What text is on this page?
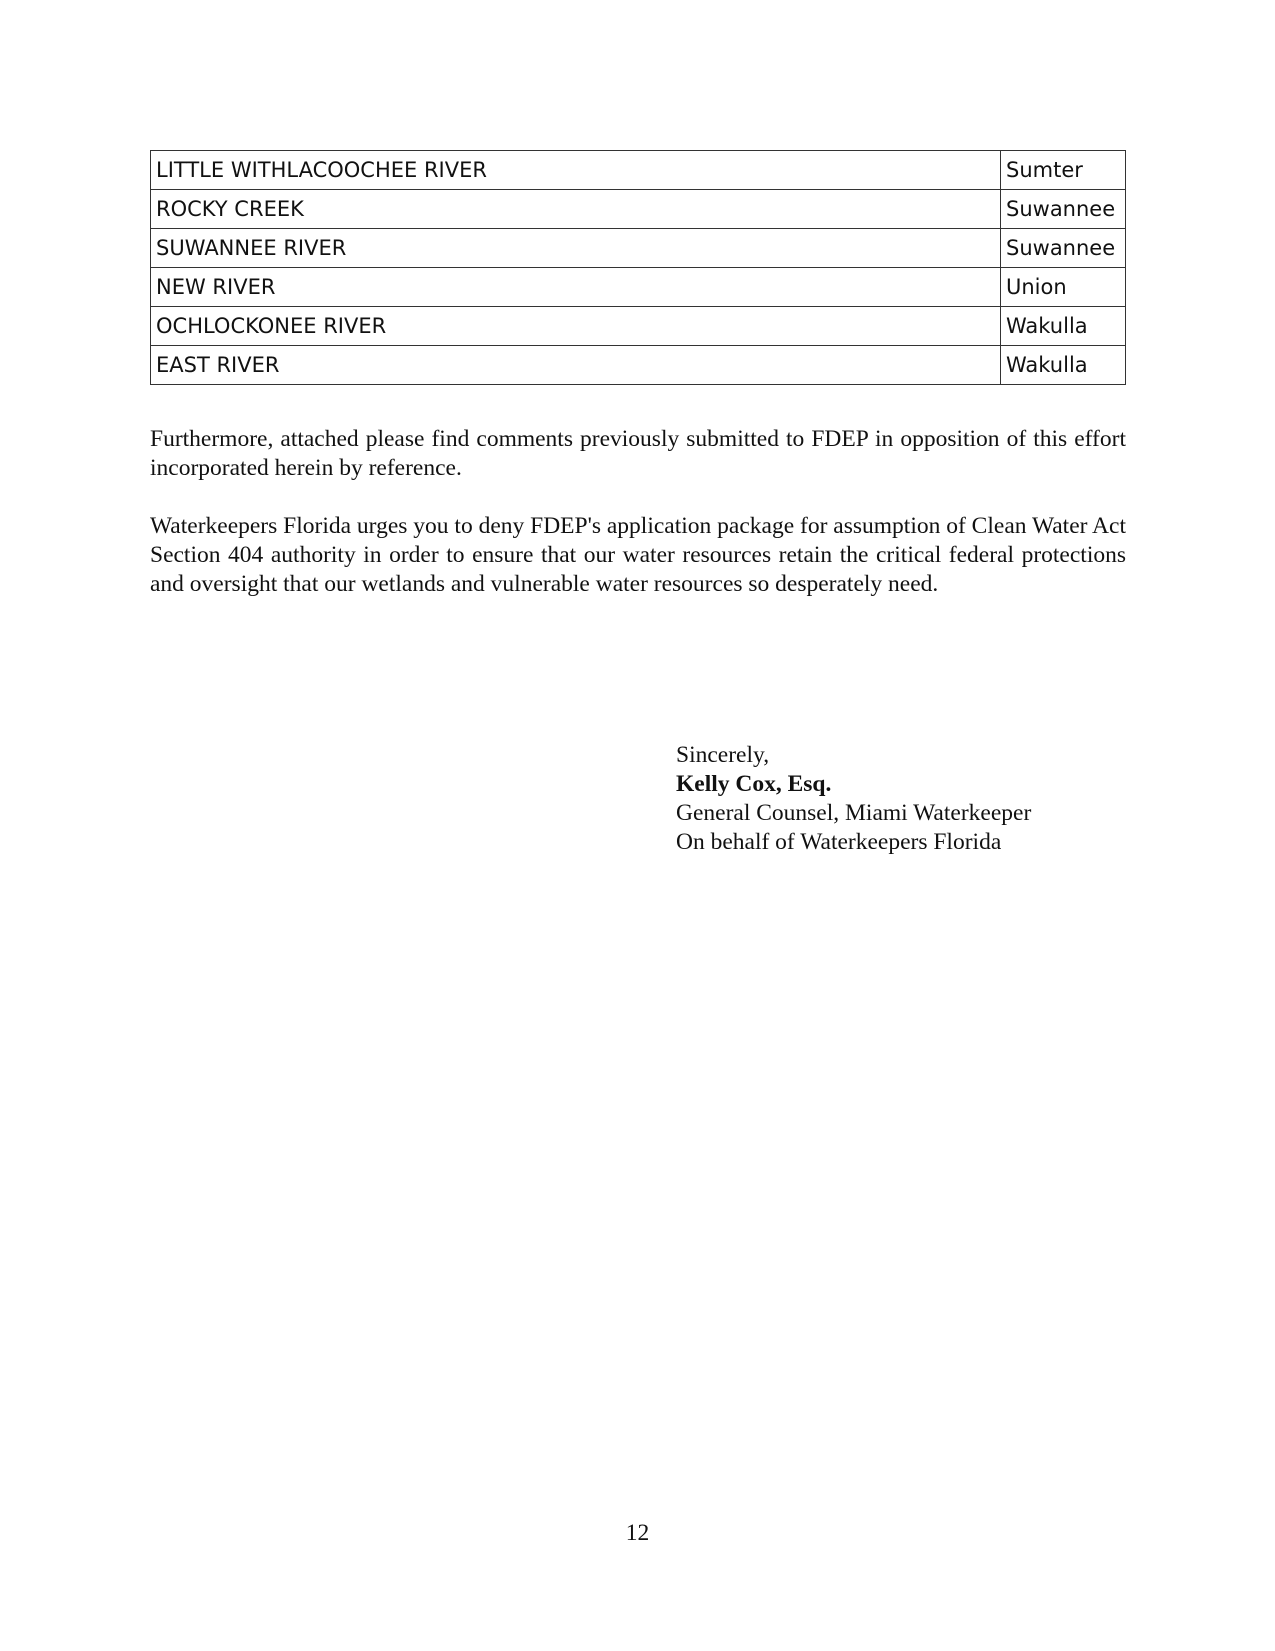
LITTLE WITHLACOOCHEE RIVER	Sumter
ROCKY CREEK	Suwannee
SUWANNEE RIVER	Suwannee
NEW RIVER	Union
OCHLOCKONEE RIVER	Wakulla
EAST RIVER	Wakulla

Furthermore, attached please find comments previously submitted to FDEP in opposition of this effort incorporated herein by reference.

Waterkeepers Florida urges you to deny FDEP's application package for assumption of Clean Water Act Section 404 authority in order to ensure that our water resources retain the critical federal protections and oversight that our wetlands and vulnerable water resources so desperately need.

Sincerely,
Kelly Cox, Esq.
General Counsel, Miami Waterkeeper
On behalf of Waterkeepers Florida
12
